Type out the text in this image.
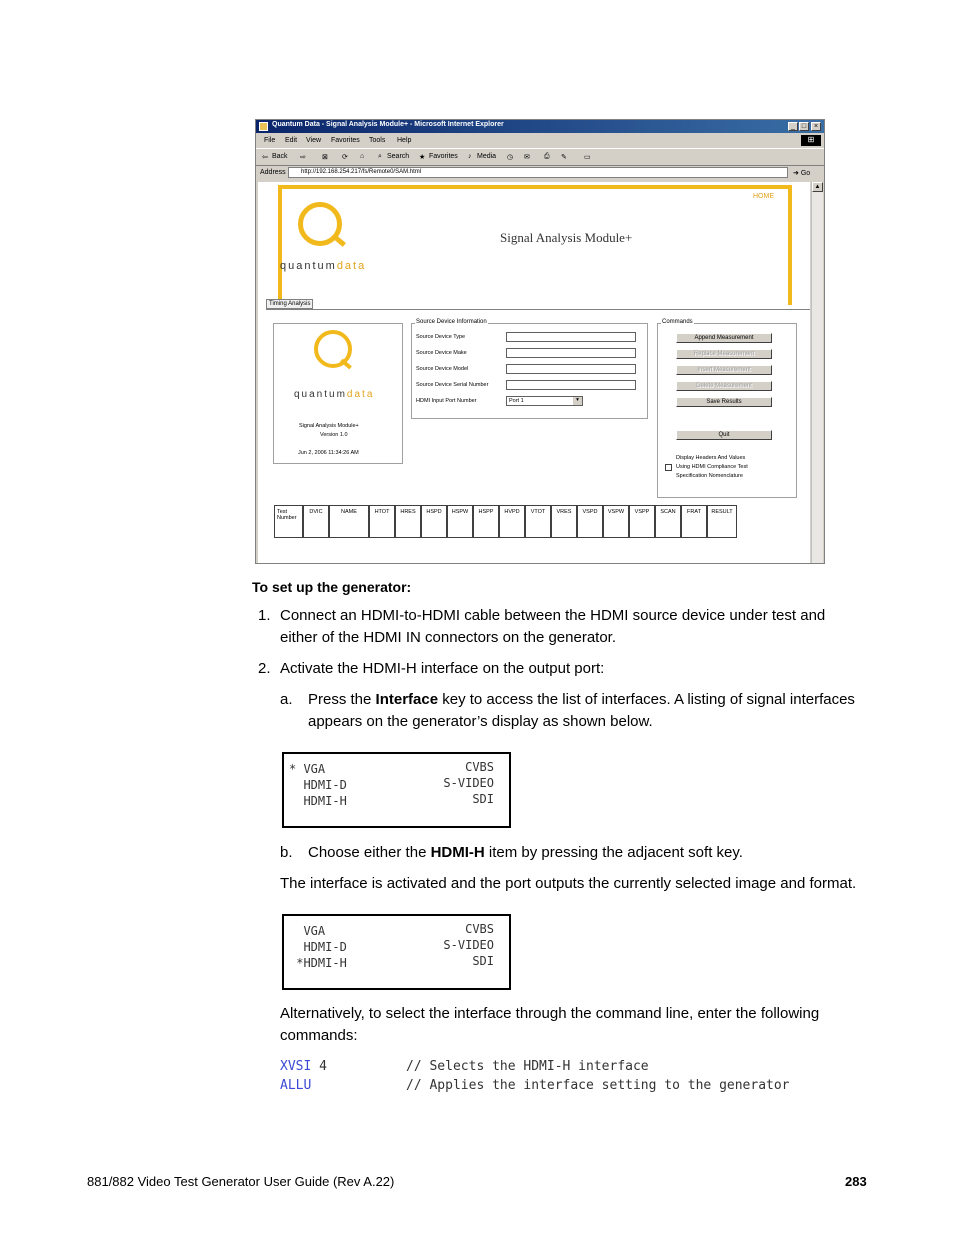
Quantum Data - Signal Analysis Module+ - Microsoft Internet Explorer	_ □	×
File Edit View Favorites Tools Help	⊞
⇦ Back ⇨ ⊠ ⟳ ⌂ ⌕ Search ★ Favorites ♪ Media ◷ ✉ ⎙ ✎ ▭
Address	http://192.168.254.217/fs/Remote0/SAM.html	➜ Go
HOME
quantumdata
Signal Analysis Module+
Timing Analysis
quantumdata
Signal Analysis Module+
Version 1.0
Jun 2, 2006 11:34:26 AM
Source Device Information
Source Device Type
Source Device Make
Source Device Model
Source Device Serial Number
HDMI Input Port Number	Port 1	▾
Commands
Append Measurement
Replace Measurement
Insert Measurement
Delete Measurement
Save Results
Quit
Display Headers And Values
Using HDMI Compliance Test
Specification Nomenclature
Test Number
DVIC	NAME	HTOT	HRES	HSPD	HSPW	HSPP	HVPD	VTOT	VRES	VSPD	VSPW	VSPP	SCAN	FRAT	RESULT
▲
To set up the generator:
1. Connect an HDMI-to-HDMI cable between the HDMI source device under test and
either of the HDMI IN connectors on the generator.
2. Activate the HDMI-H interface on the output port:
a. Press the Interface key to access the list of interfaces. A listing of signal interfaces
appears on the generator’s display as shown below.
* VGA
HDMI-D
HDMI-H
CVBS
S-VIDEO
SDI
b. Choose either the HDMI-H item by pressing the adjacent soft key.
The interface is activated and the port outputs the currently selected image and format.
VGA
HDMI-D
*HDMI-H
CVBS
S-VIDEO
SDI
Alternatively, to select the interface through the command line, enter the following
commands:
XVSI 4	// Selects the HDMI-H interface
ALLU	// Applies the interface setting to the generator
881/882 Video Test Generator User Guide (Rev A.22)	283
